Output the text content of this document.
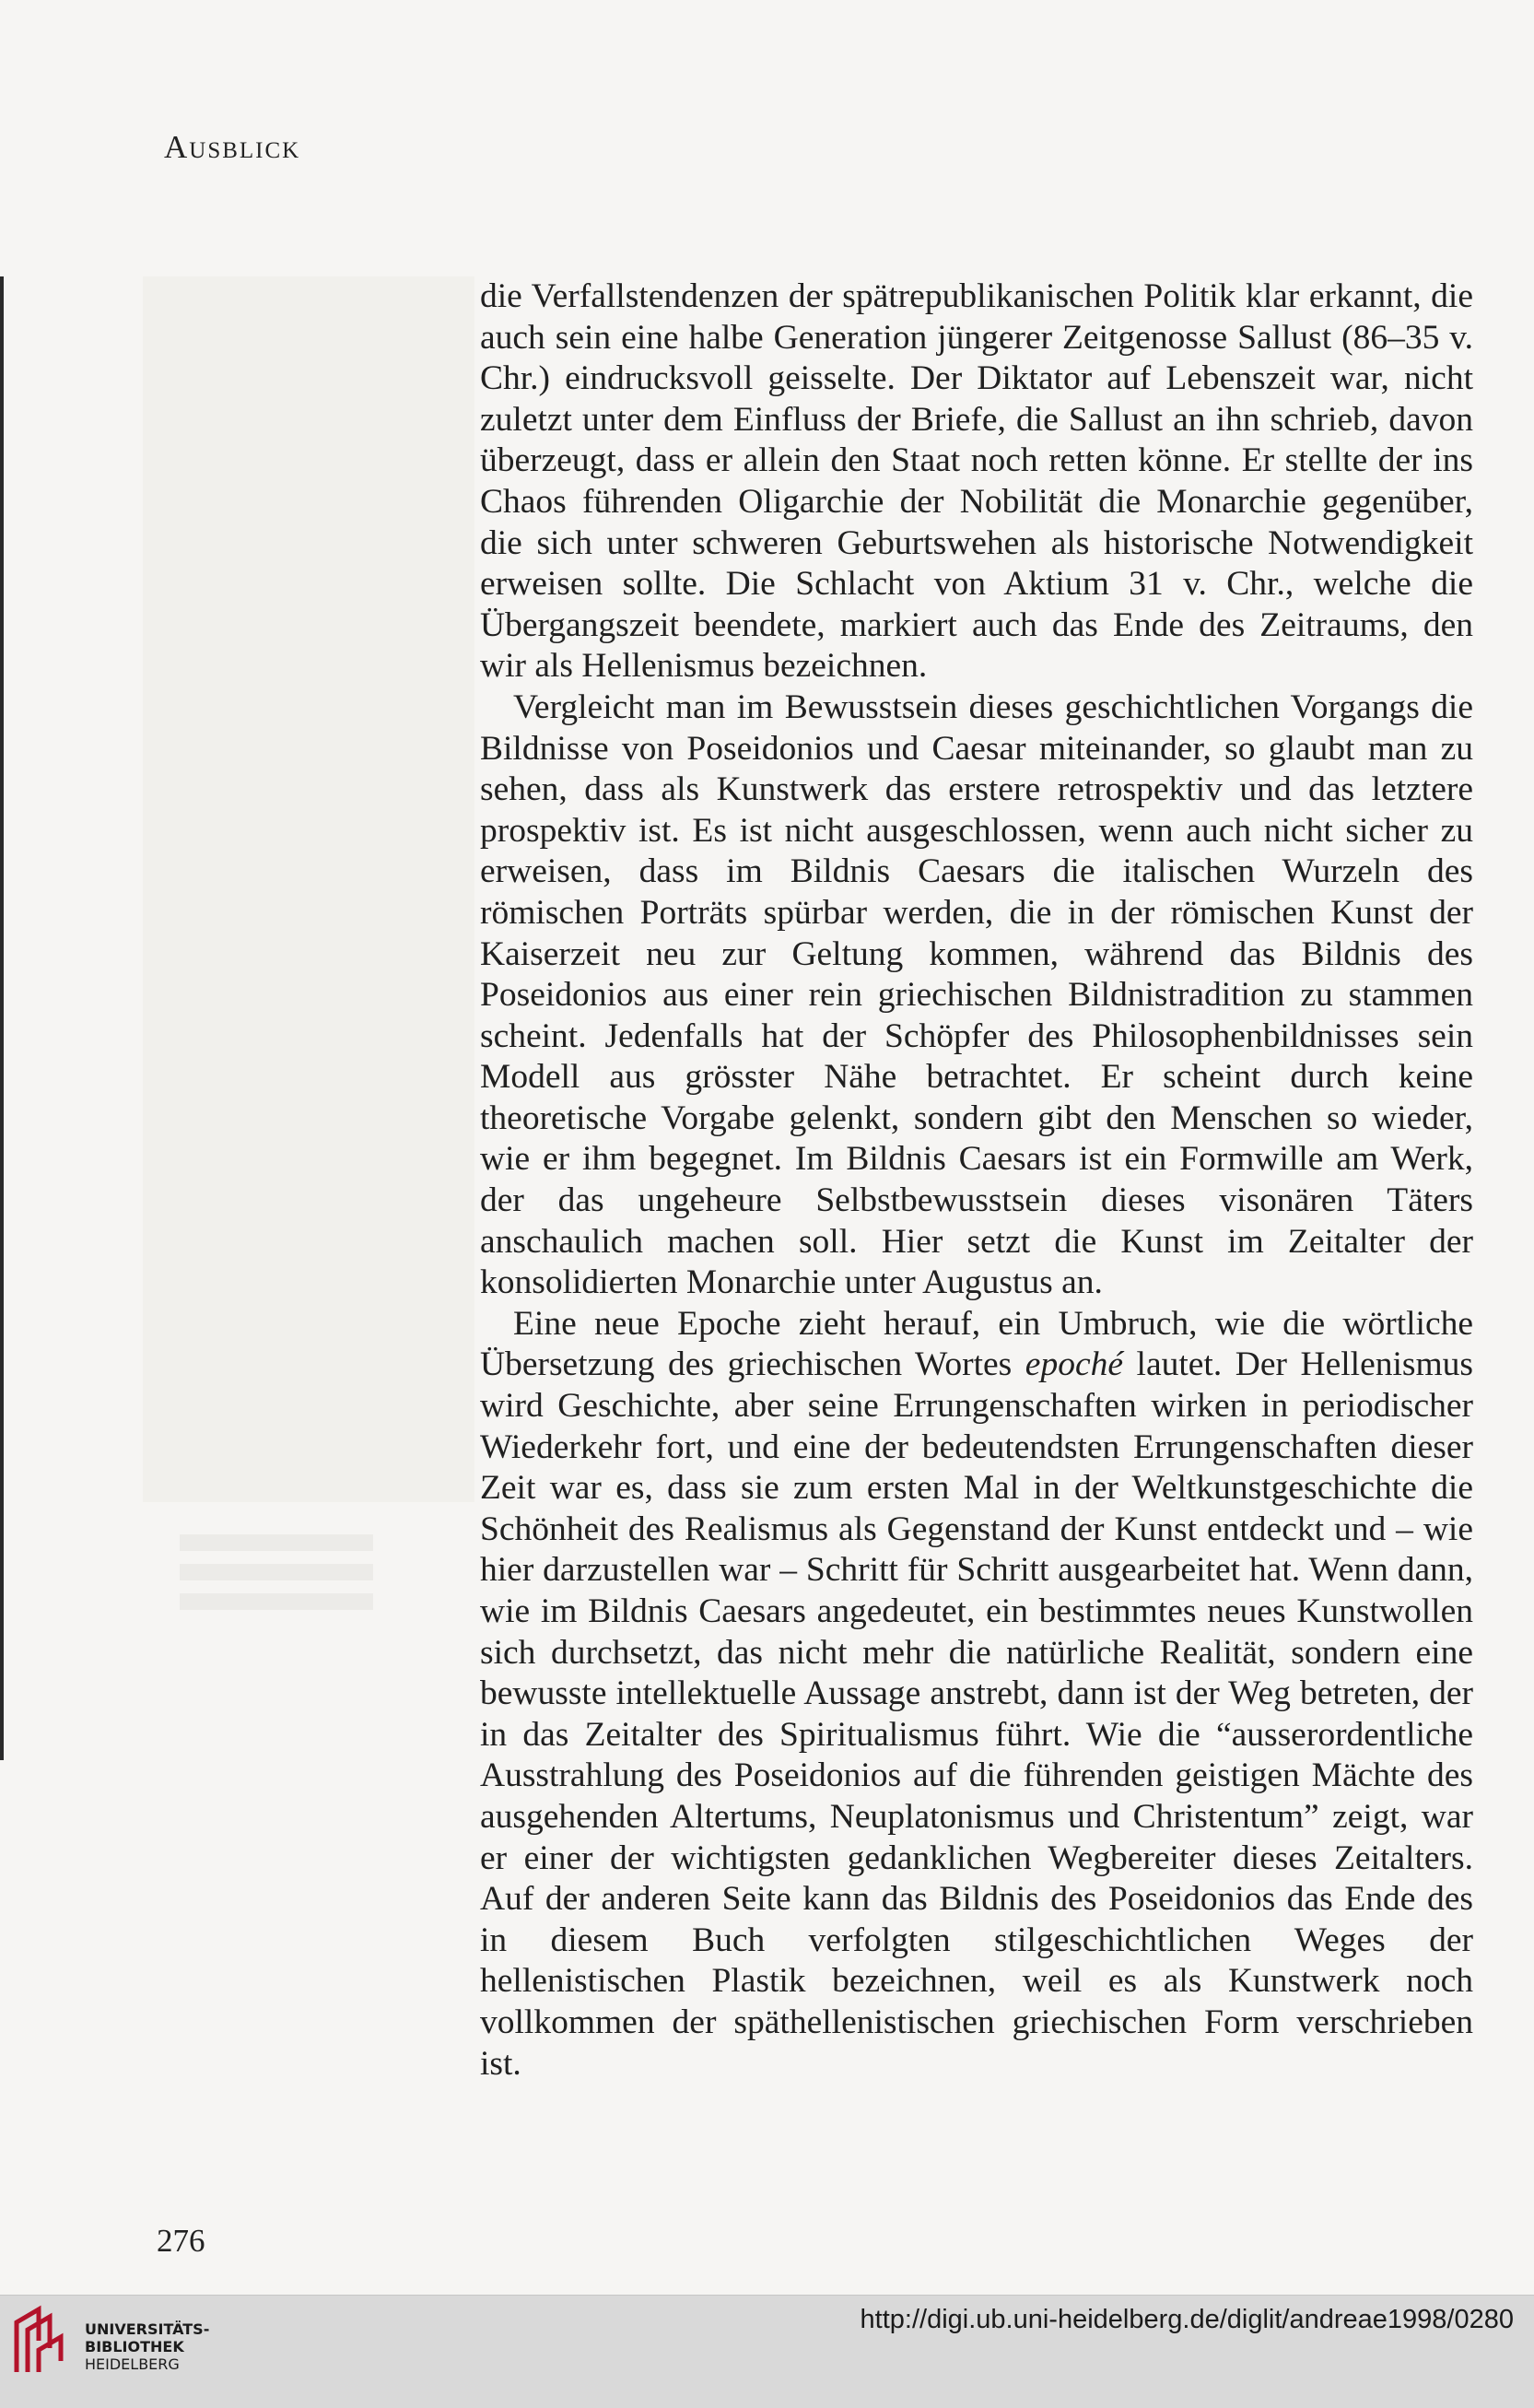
Ausblick

die Verfallstendenzen der spätrepublikanischen Politik klar erkannt, die auch sein eine halbe Generation jüngerer Zeitgenosse Sallust (86–35 v. Chr.) eindrucksvoll geisselte. Der Diktator auf Lebenszeit war, nicht zuletzt unter dem Einfluss der Briefe, die Sallust an ihn schrieb, davon überzeugt, dass er allein den Staat noch retten könne. Er stellte der ins Chaos führenden Oligarchie der Nobilität die Monarchie gegenüber, die sich unter schweren Geburtswehen als historische Notwendigkeit erweisen sollte. Die Schlacht von Aktium 31 v. Chr., welche die Übergangszeit beendete, markiert auch das Ende des Zeitraums, den wir als Hellenismus bezeichnen.

Vergleicht man im Bewusstsein dieses geschichtlichen Vorgangs die Bildnisse von Poseidonios und Caesar miteinander, so glaubt man zu sehen, dass als Kunstwerk das erstere retrospektiv und das letztere prospektiv ist. Es ist nicht ausgeschlossen, wenn auch nicht sicher zu erweisen, dass im Bildnis Caesars die italischen Wurzeln des römischen Porträts spürbar werden, die in der römischen Kunst der Kaiserzeit neu zur Geltung kommen, während das Bildnis des Poseidonios aus einer rein griechischen Bildnistradition zu stammen scheint. Jedenfalls hat der Schöpfer des Philosophenbildnisses sein Modell aus grösster Nähe betrachtet. Er scheint durch keine theoretische Vorgabe gelenkt, sondern gibt den Menschen so wieder, wie er ihm begegnet. Im Bildnis Caesars ist ein Formwille am Werk, der das ungeheure Selbstbewusstsein dieses visonären Täters anschaulich machen soll. Hier setzt die Kunst im Zeitalter der konsolidierten Monarchie unter Augustus an.

Eine neue Epoche zieht herauf, ein Umbruch, wie die wörtliche Übersetzung des griechischen Wortes epoché lautet. Der Hellenismus wird Geschichte, aber seine Errungenschaften wirken in periodischer Wiederkehr fort, und eine der bedeutendsten Errungenschaften dieser Zeit war es, dass sie zum ersten Mal in der Weltkunstgeschichte die Schönheit des Realismus als Gegenstand der Kunst entdeckt und – wie hier darzustellen war – Schritt für Schritt ausgearbeitet hat. Wenn dann, wie im Bildnis Caesars angedeutet, ein bestimmtes neues Kunstwollen sich durchsetzt, das nicht mehr die natürliche Realität, sondern eine bewusste intellektuelle Aussage anstrebt, dann ist der Weg betreten, der in das Zeitalter des Spiritualismus führt. Wie die “ausserordentliche Ausstrahlung des Poseidonios auf die führenden geistigen Mächte des ausgehenden Altertums, Neuplatonismus und Christentum” zeigt, war er einer der wichtigsten gedanklichen Wegbereiter dieses Zeitalters. Auf der anderen Seite kann das Bildnis des Poseidonios das Ende des in diesem Buch verfolgten stilgeschichtlichen Weges der hellenistischen Plastik bezeichnen, weil es als Kunstwerk noch vollkommen der späthellenistischen griechischen Form verschrieben ist.

276
UNIVERSITÄTS-
BIBLIOTHEK
HEIDELBERG
http://digi.ub.uni-heidelberg.de/diglit/andreae1998/0280
